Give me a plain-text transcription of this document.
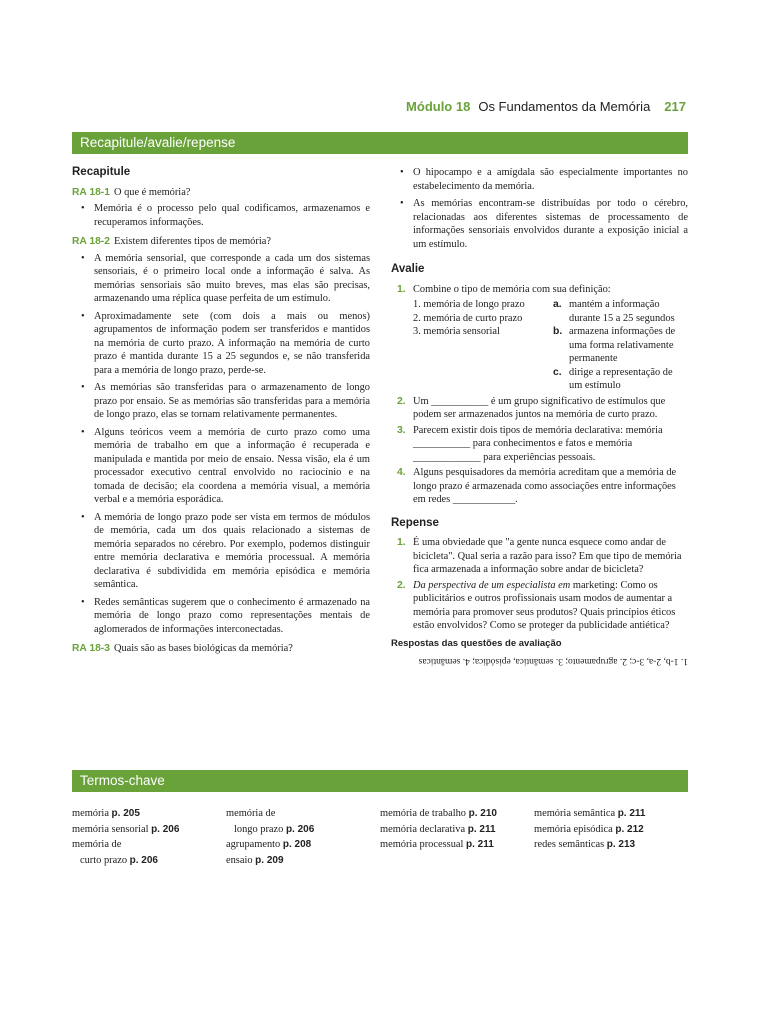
Módulo 18 Os Fundamentos da Memória 217
Recapitule/avalie/repense
Recapitule
RA 18-1 O que é memória?
• Memória é o processo pelo qual codificamos, armazenamos e recuperamos informações.
RA 18-2 Existem diferentes tipos de memória?
• A memória sensorial, que corresponde a cada um dos sistemas sensoriais, é o primeiro local onde a informação é salva. As memórias sensoriais são muito breves, mas elas são precisas, armazenando uma réplica quase perfeita de um estímulo.
• Aproximadamente sete (com dois a mais ou menos) agrupamentos de informação podem ser transferidos e mantidos na memória de curto prazo. A informação na memória de curto prazo é mantida durante 15 a 25 segundos e, se não transferida para a memória de longo prazo, perde-se.
• As memórias são transferidas para o armazenamento de longo prazo por ensaio. Se as memórias são transferidas para a memória de longo prazo, elas se tornam relativamente permanentes.
• Alguns teóricos veem a memória de curto prazo como uma memória de trabalho em que a informação é recuperada e manipulada e mantida por meio de ensaio. Nessa visão, ela é um processador executivo central envolvido no raciocínio e na tomada de decisão; ela coordena a memória visual, a memória verbal e a memória esporádica.
• A memória de longo prazo pode ser vista em termos de módulos de memória, cada um dos quais relacionado a sistemas de memória separados no cérebro. Por exemplo, podemos distinguir entre memória declarativa e memória processual. A memória declarativa é subdividida em memória episódica e memória semântica.
• Redes semânticas sugerem que o conhecimento é armazenado na memória de longo prazo como representações mentais de aglomerados de informações interconectadas.
RA 18-3 Quais são as bases biológicas da memória?
• O hipocampo e a amígdala são especialmente importantes no estabelecimento da memória.
• As memórias encontram-se distribuídas por todo o cérebro, relacionadas aos diferentes sistemas de processamento de informações sensoriais envolvidos durante a exposição inicial a um estímulo.
Avalie
1. Combine o tipo de memória com sua definição:
1. memória de longo prazo
2. memória de curto prazo
3. memória sensorial
a. mantém a informação durante 15 a 25 segundos
b. armazena informações de uma forma relativamente permanente
c. dirige a representação de um estímulo
2. Um ___________ é um grupo significativo de estímulos que podem ser armazenados juntos na memória de curto prazo.
3. Parecem existir dois tipos de memória declarativa: memória ___________ para conhecimentos e fatos e memória _____________ para experiências pessoais.
4. Alguns pesquisadores da memória acreditam que a memória de longo prazo é armazenada como associações entre informações em redes ____________.
Repense
1. É uma obviedade que "a gente nunca esquece como andar de bicicleta". Qual seria a razão para isso? Em que tipo de memória fica armazenada a informação sobre andar de bicicleta?
2. Da perspectiva de um especialista em marketing: Como os publicitários e outros profissionais usam modos de aumentar a memória para promover seus produtos? Quais princípios éticos estão envolvidos? Como se proteger da publicidade antiética?
Respostas das questões de avaliação
1. 1-b, 2-a, 3-c; 2. agrupamento; 3. semântica, episódica; 4. semânticas
Termos-chave
memória p. 205
memória sensorial p. 206
memória de
curto prazo p. 206
memória de
longo prazo p. 206
agrupamento p. 208
ensaio p. 209
memória de trabalho p. 210
memória declarativa p. 211
memória processual p. 211
memória semântica p. 211
memória episódica p. 212
redes semânticas p. 213
